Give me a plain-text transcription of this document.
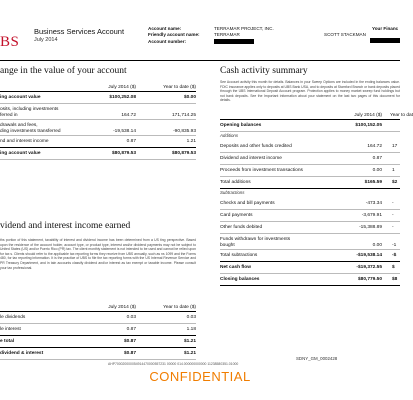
BS
Business Services Account
July 2014
Account name:	TERRAMAR PROJECT, INC.
Friendly account name:	TERRAMAR
Account number:
Your Financ
SCOTT STACKMAN
ange in the value of your account
July 2014 ($)	Year to date ($)
ing account value	$100,252.08	$0.00
osits, including investments
ferred in	164.72	171,714.25
drawals and fees,
ding investments transferred	-19,538.14	-90,835.93
nd and interest income	0.87	1.21
ing account value	$80,879.53	$80,879.53
vidend and interest income earned
ths portion of this statement, taxability of interest and dividend income has been determined from a US ting perspective. Based upon the residence of the account holder, account type, or product type, interest and/or dividend payments may not be subject to United States (US) and/or Puerto Rico (PR) tax. The client monthly statement is not intended to be used and cannot be relied upon for tax s. Clients should refer to the applicable tax reporting forms they receive from UBS annually, such as ns 1099 and the Forms 480, for tax reporting information. It is the practice of UBS to file the tax reporting forms with the US Internal Revenue Service and PR Treasury Department, and in tain accounts classify dividend and/or interest as tax exempt or taxable income. Please consult your tax professional.
July 2014 ($)	Year to date ($)
le dividends	0.03	0.03
le interest	0.87	1.18
e total	$0.87	$1.21
dividend & interest	$0.87	$1.21
Cash activity summary
See Account activity this month for details. Balances in your Sweep Options are included in the ending balances value. FDIC insurance applies only to deposits at UBS Bank USA, and to deposits at Stamford Branch or bank deposits placed through the UBS International Deposit Account program. Protection applies to money market sweep fund holdings but not bank deposits. See the Important information about your statement on the last two pages of this document for details.
July 2014 ($) Year to dat
Opening balances	$100,152.05
Additions
Deposits and other funds credited	164.72 17
Dividend and interest income	0.87
Proceeds from investment transactions	0.00 1
Total additions	$165.59 $2
Subtractions
Checks and bill payments	-473.34 -
Card payments	-3,679.91 -
Other funds debited	-15,388.89 -
Funds withdrawn for investments
bought	0.00 -1
Total subtractions	-$19,538.14 -$
Net cash flow	-$19,372.55 $
Closing balances	$80,779.50 $8
SDNY_GM_0002428
AHP700020000054914470000557231 00000 014.000000000000 11238580351.01000
CONFIDENTIAL
